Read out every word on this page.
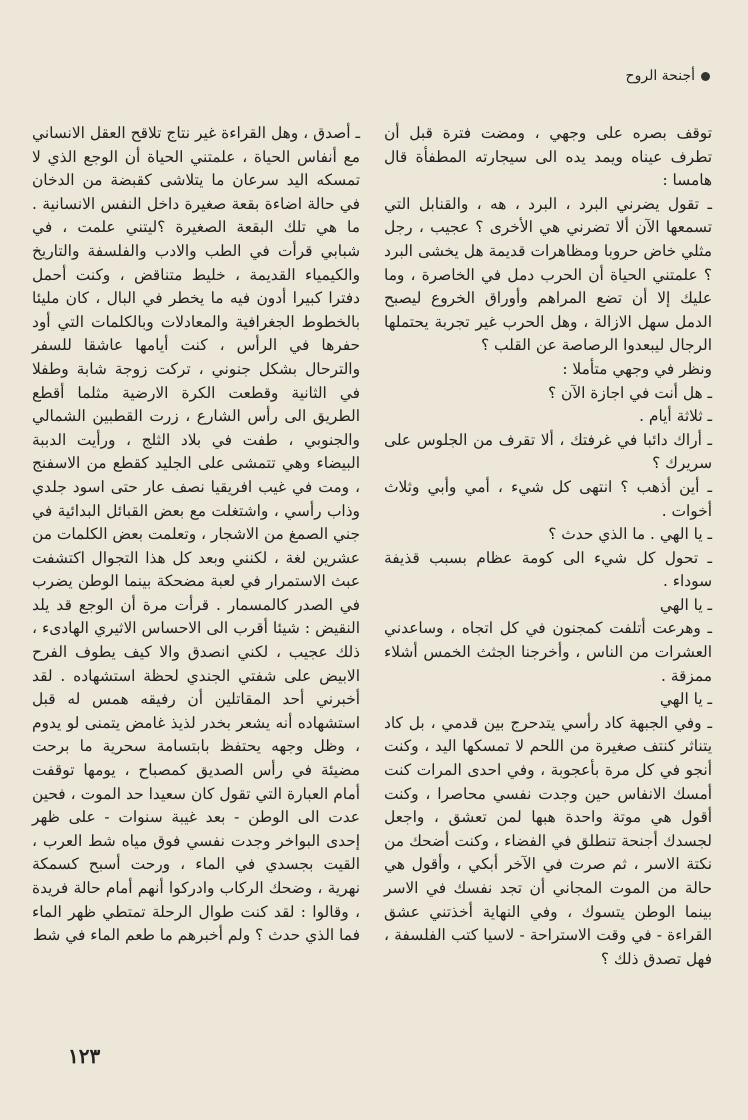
أجنحة الروح

توقف بصره على وجهي ، ومضت فترة قبل أن تطرف عيناه ويمد يده الى سيجارته المطفأة قال هامسا :

ـ تقول يضرني البرد ، البرد ، هه ، والقنابل التي تسمعها الآن ألا تضرني هي الأخرى ؟ عجيب ، رجل مثلي خاض حروبا ومظاهرات قديمة هل يخشى البرد ؟ علمتني الحياة أن الحرب دمل في الخاصرة ، وما عليك إلا أن تضع المراهم وأوراق الخروع ليصبح الدمل سهل الازالة ، وهل الحرب غير تجربة يحتملها الرجال ليبعدوا الرصاصة عن القلب ؟

ونظر في وجهي متأملا :

ـ هل أنت في اجازة الآن ؟

ـ ثلاثة أيام .

ـ أراك دائبا في غرفتك ، ألا تقرف من الجلوس على سريرك ؟

ـ أين أذهب ؟ انتهى كل شيء ، أمي وأبي وثلاث أخوات .

ـ يا الهي . ما الذي حدث ؟

ـ تحول كل شيء الى كومة عظام بسبب قذيفة سوداء .

ـ يا الهي

ـ وهرعت أتلفت كمجنون في كل اتجاه ، وساعدني العشرات من الناس ، وأخرجنا الجثث الخمس أشلاء ممزقة .

ـ يا الهي

ـ وفي الجبهة كاد رأسي يتدحرج بين قدمي ، بل كاد يتناثر كنتف صغيرة من اللحم لا تمسكها اليد ، وكنت أنجو في كل مرة بأعجوبة ، وفي احدى المرات كنت أمسك الانفاس حين وجدت نفسي محاصرا ، وكنت أقول هي موتة واحدة هبها لمن تعشق ، واجعل لجسدك أجنحة تنطلق في الفضاء ، وكنت أضحك من نكتة الاسر ، ثم صرت في الآخر أبكي ، وأقول هي حالة من الموت المجاني أن تجد نفسك في الاسر بينما الوطن يتسوك ، وفي النهاية أخذتني عشق القراءة - في وقت الاستراحة - لاسيا كتب الفلسفة ، فهل تصدق ذلك ؟

ـ أصدق ، وهل القراءة غير نتاج تلاقح العقل الانساني مع أنفاس الحياة ، علمتني الحياة أن الوجع الذي لا تمسكه اليد سرعان ما يتلاشى كقبضة من الدخان في حالة اضاءة بقعة صغيرة داخل النفس الانسانية . ما هي تلك البقعة الصغيرة ؟ليتني علمت ، في شبابي قرأت في الطب والادب والفلسفة والتاريخ والكيمياء القديمة ، خليط متناقض ، وكنت أحمل دفترا كبيرا أدون فيه ما يخطر في البال ، كان مليئا بالخطوط الجغرافية والمعادلات وبالكلمات التي أود حفرها في الرأس ، كنت أيامها عاشقا للسفر والترحال بشكل جنوني ، تركت زوجة شابة وطفلا في الثانية وقطعت الكرة الارضية مثلما أقطع الطريق الى رأس الشارع ، زرت القطبين الشمالي والجنوبي ، طفت في بلاد الثلج ، ورأيت الدببة البيضاء وهي تتمشى على الجليد كقطع من الاسفنج ، ومت في غيب افريقيا نصف عار حتى اسود جلدي وذاب رأسي ، واشتغلت مع بعض القبائل البدائية في جني الصمغ من الاشجار ، وتعلمت بعض الكلمات من عشرين لغة ، لكنني وبعد كل هذا التجوال اكتشفت عبث الاستمرار في لعبة مضحكة بينما الوطن يضرب في الصدر كالمسمار . قرأت مرة أن الوجع قد يلد النقيض : شيئا أقرب الى الاحساس الاثيري الهادىء ، ذلك عجيب ، لكني انصدق والا كيف يطوف الفرح الابيض على شفتي الجندي لحظة استشهاده . لقد أخبرني أحد المقاتلين أن رفيقه همس له قبل استشهاده أنه يشعر بخدر لذيذ غامض يتمنى لو يدوم ، وظل وجهه يحتفظ بابتسامة سحرية ما برحت مضيئة في رأس الصديق كمصباح ، يومها توقفت أمام العبارة التي تقول كان سعيدا حد الموت ، فحين عدت الى الوطن - بعد غيبة سنوات - على ظهر إحدى البواخر وجدت نفسي فوق مياه شط العرب ، القيت بجسدي في الماء ، ورحت أسبح كسمكة نهرية ، وضحك الركاب وادركوا أنهم أمام حالة فريدة ، وقالوا : لقد كنت طوال الرحلة تمتطي ظهر الماء فما الذي حدث ؟ ولم أخبرهم ما طعم الماء في شط

١٢٣
